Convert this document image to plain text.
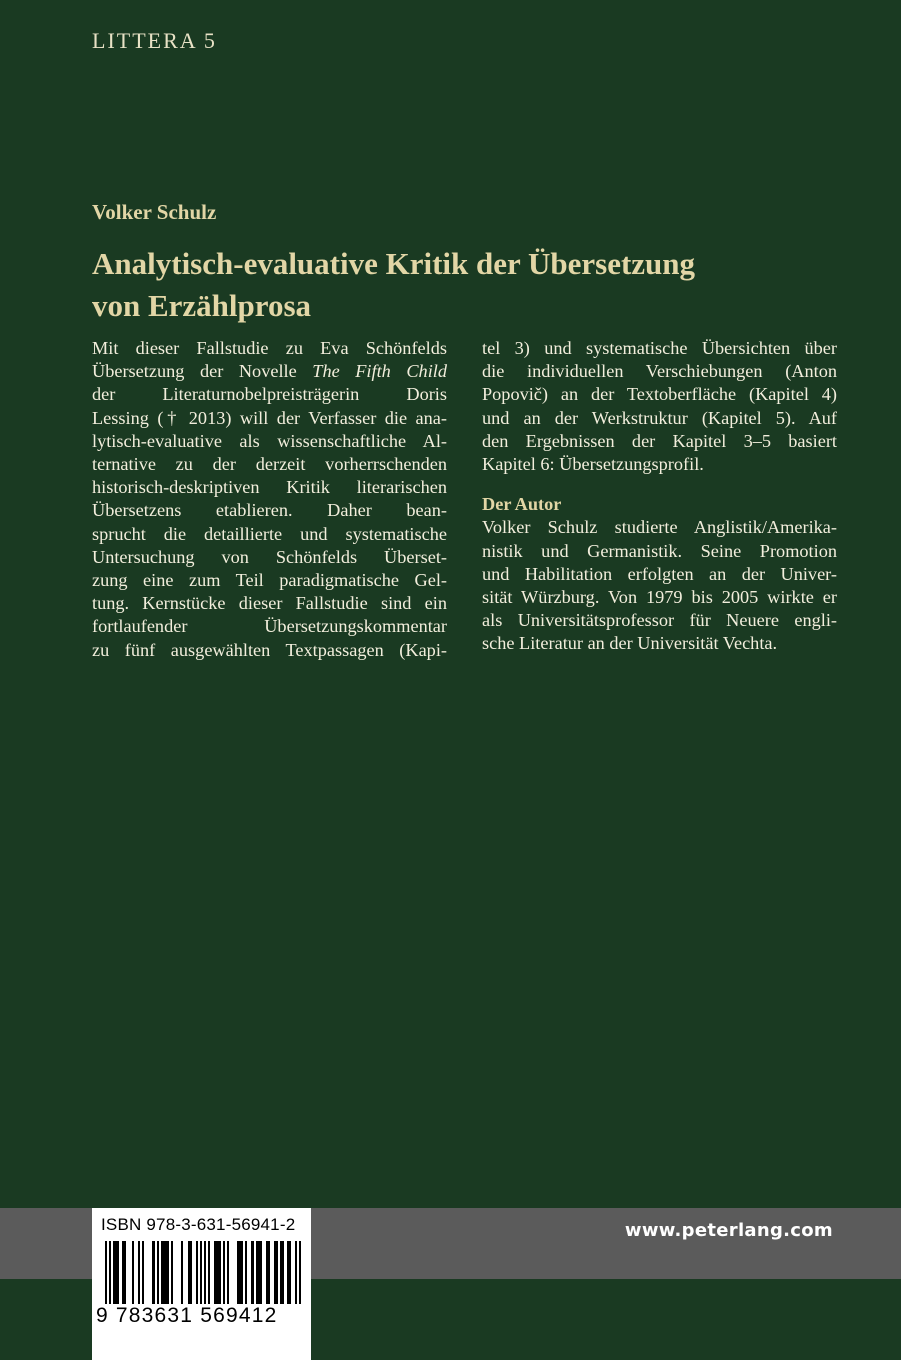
LITTERA 5
Volker Schulz
Analytisch-evaluative Kritik der Übersetzung
von Erzählprosa
Mit dieser Fallstudie zu Eva Schönfelds
Übersetzung der Novelle The Fifth Child
der Literaturnobelpreisträgerin Doris
Lessing († 2013) will der Verfasser die ana-
lytisch-evaluative als wissenschaftliche Al-
ternative zu der derzeit vorherrschenden
historisch-deskriptiven Kritik literarischen
Übersetzens etablieren. Daher bean-
sprucht die detaillierte und systematische
Untersuchung von Schönfelds Überset-
zung eine zum Teil paradigmatische Gel-
tung. Kernstücke dieser Fallstudie sind ein
fortlaufender Übersetzungskommentar
zu fünf ausgewählten Textpassagen (Kapi-
tel 3) und systematische Übersichten über
die individuellen Verschiebungen (Anton
Popovič) an der Textoberfläche (Kapitel 4)
und an der Werkstruktur (Kapitel 5). Auf
den Ergebnissen der Kapitel 3–5 basiert
Kapitel 6: Übersetzungsprofil.
Der Autor
Volker Schulz studierte Anglistik/Amerika-
nistik und Germanistik. Seine Promotion
und Habilitation erfolgten an der Univer-
sität Würzburg. Von 1979 bis 2005 wirkte er
als Universitätsprofessor für Neuere engli-
sche Literatur an der Universität Vechta.
www.peterlang.com
ISBN 978-3-631-56941-2
9 783631 569412
